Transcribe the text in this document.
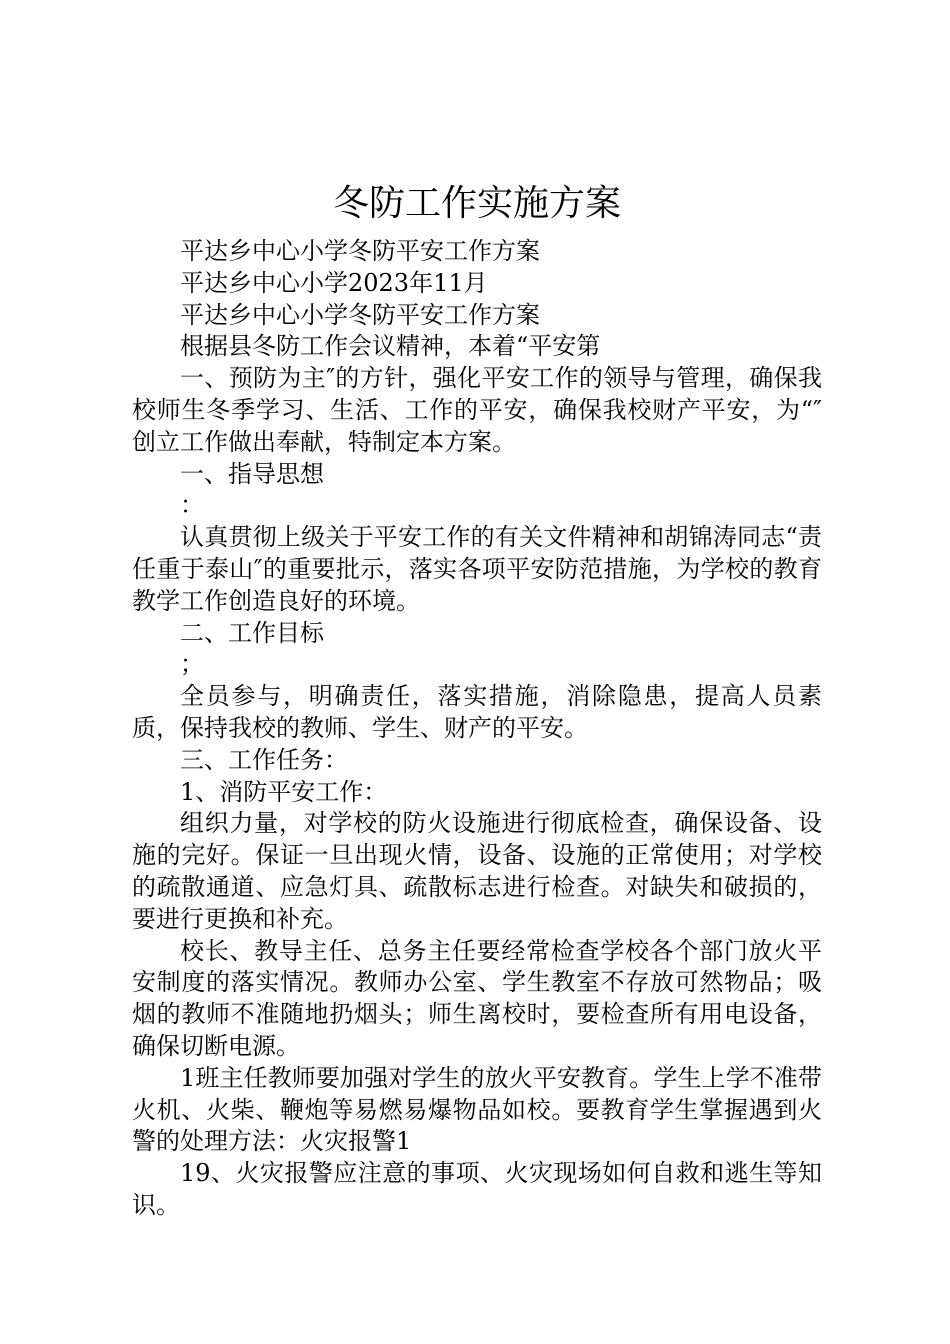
冬防工作实施方案

平达乡中心小学冬防平安工作方案

平达乡中心小学2023年11月

平达乡中心小学冬防平安工作方案

根据县冬防工作会议精神，本着“平安第

一、预防为主″的方针，强化平安工作的领导与管理，确保我校师生冬季学习、生活、工作的平安，确保我校财产平安，为“″创立工作做出奉献，特制定本方案。

一、指导思想

：

认真贯彻上级关于平安工作的有关文件精神和胡锦涛同志“责任重于泰山″的重要批示，落实各项平安防范措施，为学校的教育教学工作创造良好的环境。

二、工作目标

；

全员参与，明确责任，落实措施，消除隐患，提高人员素质，保持我校的教师、学生、财产的平安。

三、工作任务：

1、消防平安工作：

组织力量，对学校的防火设施进行彻底检查，确保设备、设施的完好。保证一旦出现火情，设备、设施的正常使用；对学校的疏散通道、应急灯具、疏散标志进行检查。对缺失和破损的，要进行更换和补充。

校长、教导主任、总务主任要经常检查学校各个部门放火平安制度的落实情况。教师办公室、学生教室不存放可然物品；吸烟的教师不准随地扔烟头；师生离校时，要检查所有用电设备，确保切断电源。

1班主任教师要加强对学生的放火平安教育。学生上学不准带火机、火柴、鞭炮等易燃易爆物品如校。要教育学生掌握遇到火警的处理方法：火灾报警1

19、火灾报警应注意的事项、火灾现场如何自救和逃生等知识。
